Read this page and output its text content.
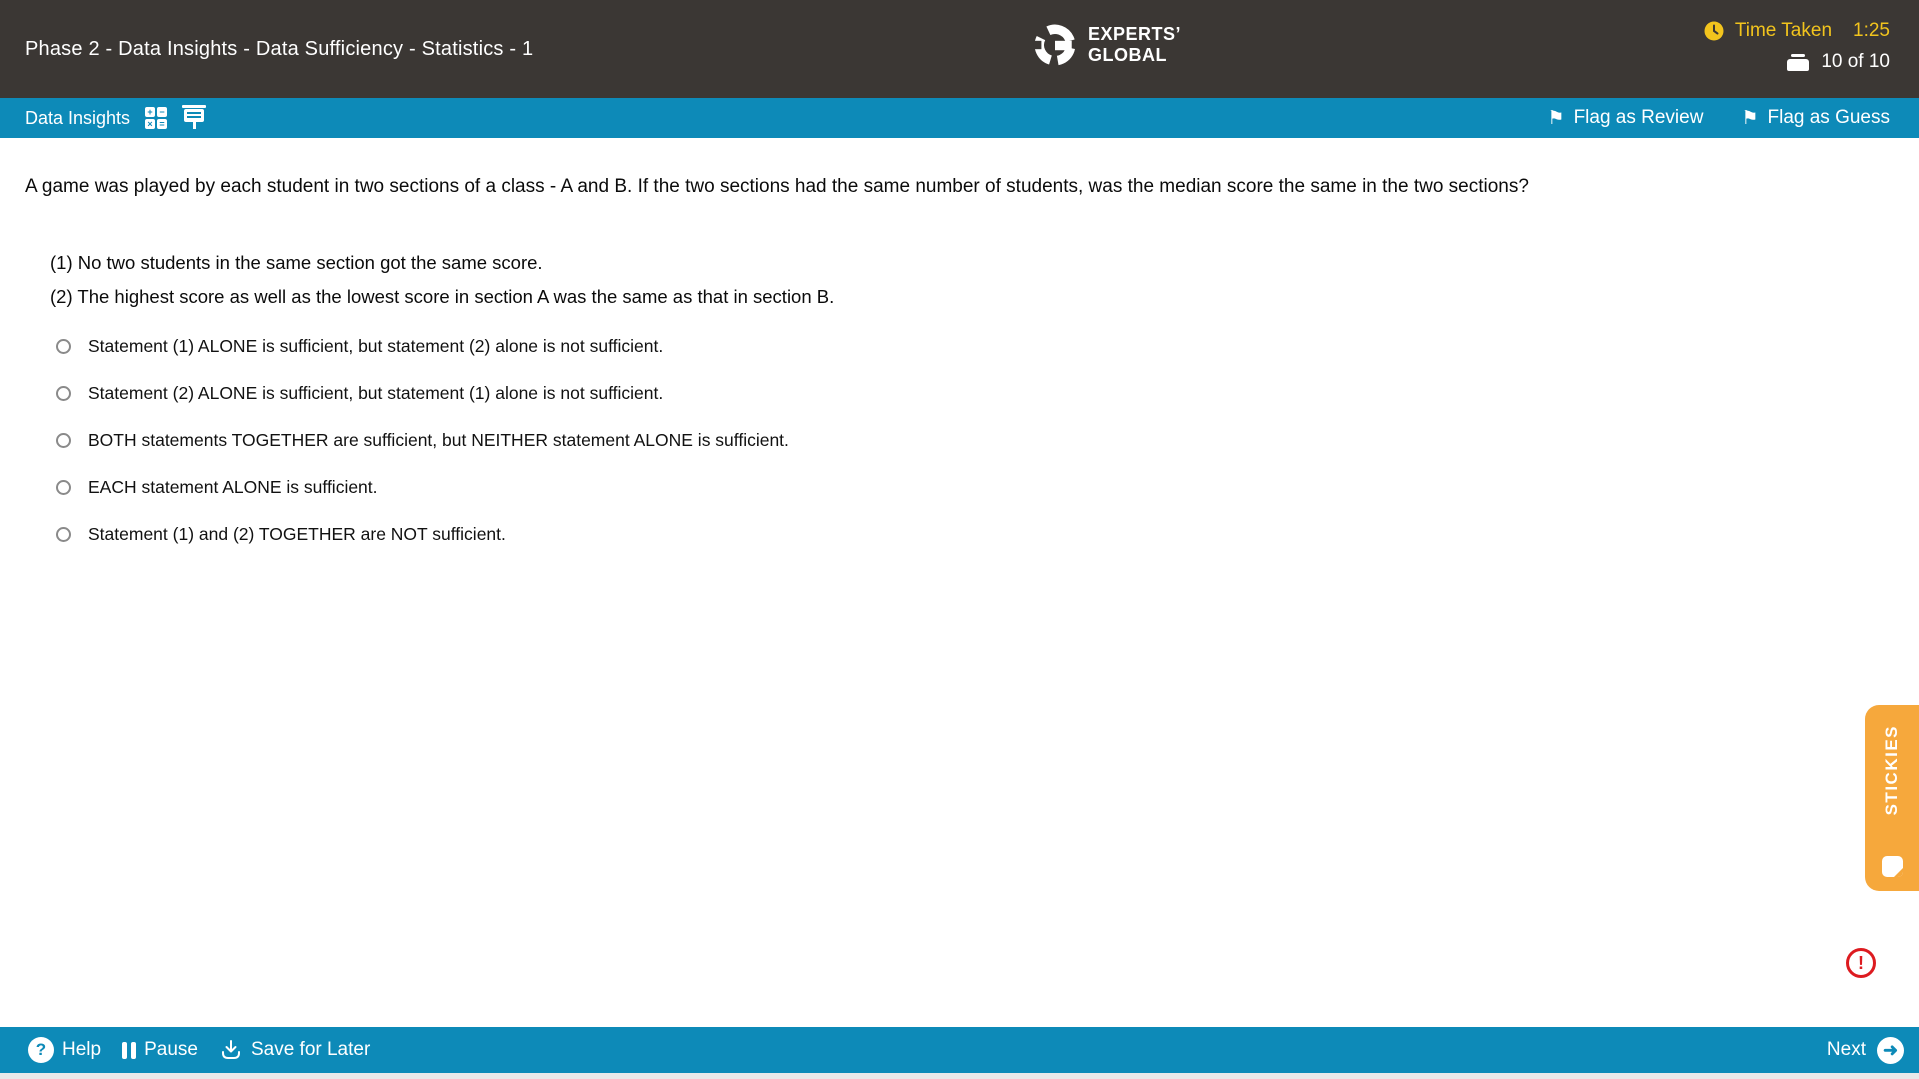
Phase 2 - Data Insights - Data Sufficiency - Statistics - 1
EXPERTS’
GLOBAL
Time Taken 1:25
10 of 10
Data Insights + −
× =	⚑ Flag as Review ⚑ Flag as Guess
A game was played by each student in two sections of a class - A and B. If the two sections had the same number of students, was the median score the same in the two sections?
(1) No two students in the same section got the same score.
(2) The highest score as well as the lowest score in section A was the same as that in section B.
Statement (1) ALONE is sufficient, but statement (2) alone is not sufficient.
Statement (2) ALONE is sufficient, but statement (1) alone is not sufficient.
BOTH statements TOGETHER are sufficient, but NEITHER statement ALONE is sufficient.
EACH statement ALONE is sufficient.
Statement (1) and (2) TOGETHER are NOT sufficient.
STICKIES
!
? Help Pause	Save for Later	Next ➜
